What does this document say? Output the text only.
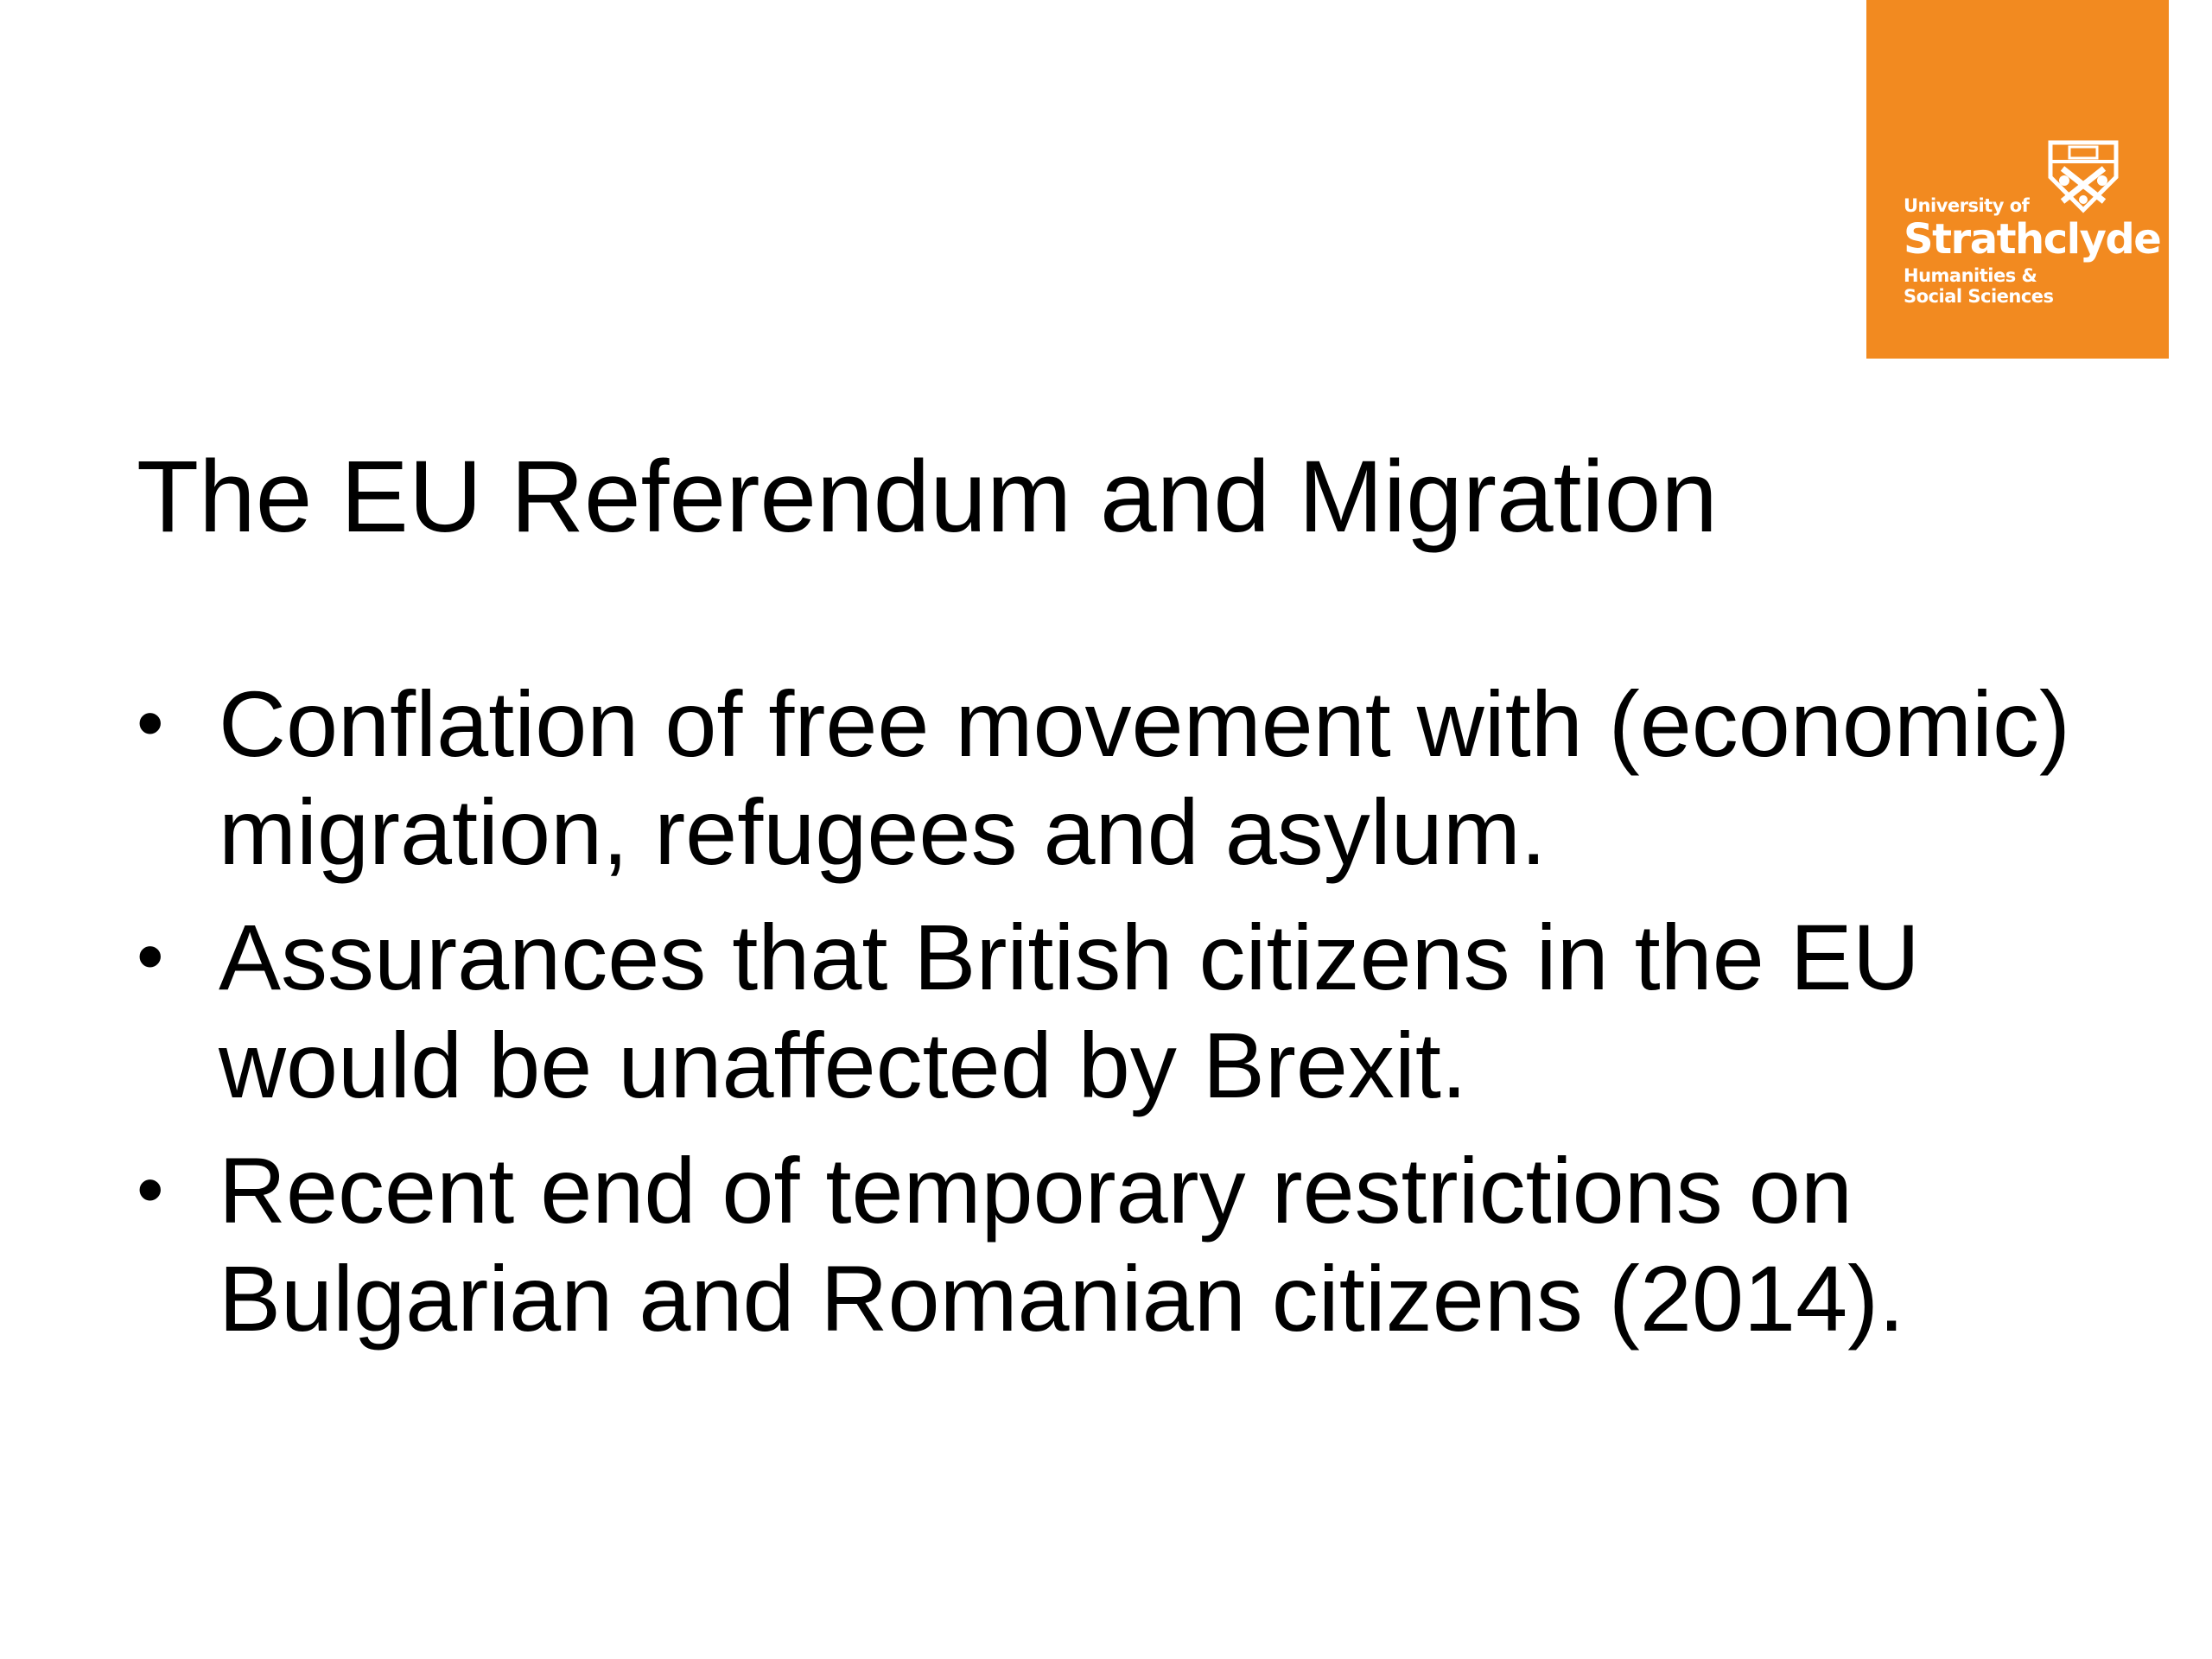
University of
Strathclyde
Humanities &
Social Sciences
The EU Referendum and Migration
• Conflation of free movement with (economic) migration, refugees and asylum.
• Assurances that British citizens in the EU would be unaffected by Brexit.
• Recent end of temporary restrictions on Bulgarian and Romanian citizens (2014).
